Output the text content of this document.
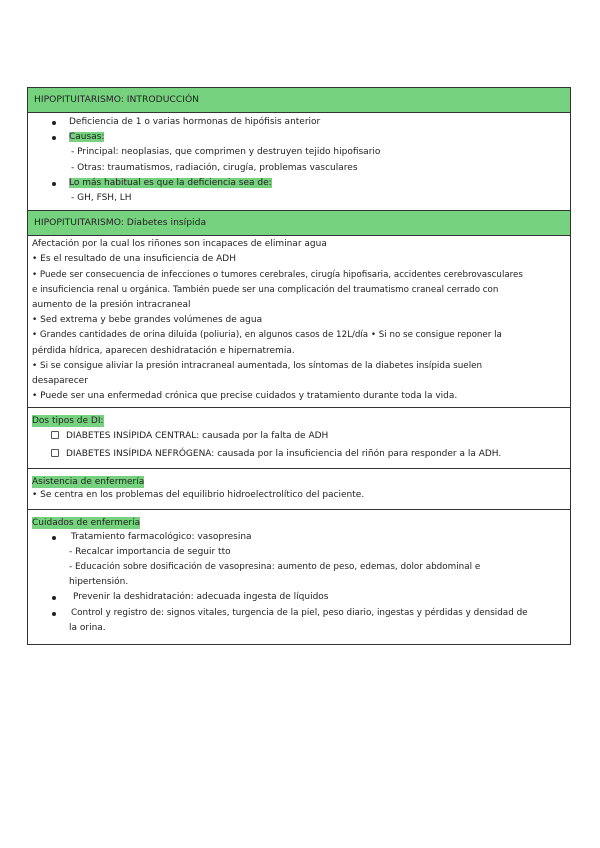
HIPOPITUITARISMO: INTRODUCCIÓN
Deficiencia de 1 o varias hormonas de hipófisis anterior
Causas:
- Principal: neoplasias, que comprimen y destruyen tejido hipofisario
- Otras: traumatismos, radiación, cirugía, problemas vasculares
Lo más habitual es que la deficiencia sea de:
- GH, FSH, LH
HIPOPITUITARISMO: Diabetes insípida
Afectación por la cual los riñones son incapaces de eliminar agua
• Es el resultado de una insuficiencia de ADH
• Puede ser consecuencia de infecciones o tumores cerebrales, cirugía hipofisaria, accidentes cerebrovasculares
e insuficiencia renal u orgánica. También puede ser una complicación del traumatismo craneal cerrado con
aumento de la presión intracraneal
• Sed extrema y bebe grandes volúmenes de agua
• Grandes cantidades de orina diluida (poliuria), en algunos casos de 12L/día • Si no se consigue reponer la
pérdida hídrica, aparecen deshidratación e hipernatremia.
• Si se consigue aliviar la presión intracraneal aumentada, los síntomas de la diabetes insípida suelen
desaparecer
• Puede ser una enfermedad crónica que precise cuidados y tratamiento durante toda la vida.
Dos tipos de DI:
DIABETES INSÍPIDA CENTRAL: causada por la falta de ADH
DIABETES INSÍPIDA NEFRÓGENA: causada por la insuficiencia del riñón para responder a la ADH.
Asistencia de enfermería
• Se centra en los problemas del equilibrio hidroelectrolítico del paciente.
Cuidados de enfermería
Tratamiento farmacológico: vasopresina
- Recalcar importancia de seguir tto
- Educación sobre dosificación de vasopresina: aumento de peso, edemas, dolor abdominal e
hipertensión.
Prevenir la deshidratación: adecuada ingesta de líquidos
Control y registro de: signos vitales, turgencia de la piel, peso diario, ingestas y pérdidas y densidad de
la orina.
